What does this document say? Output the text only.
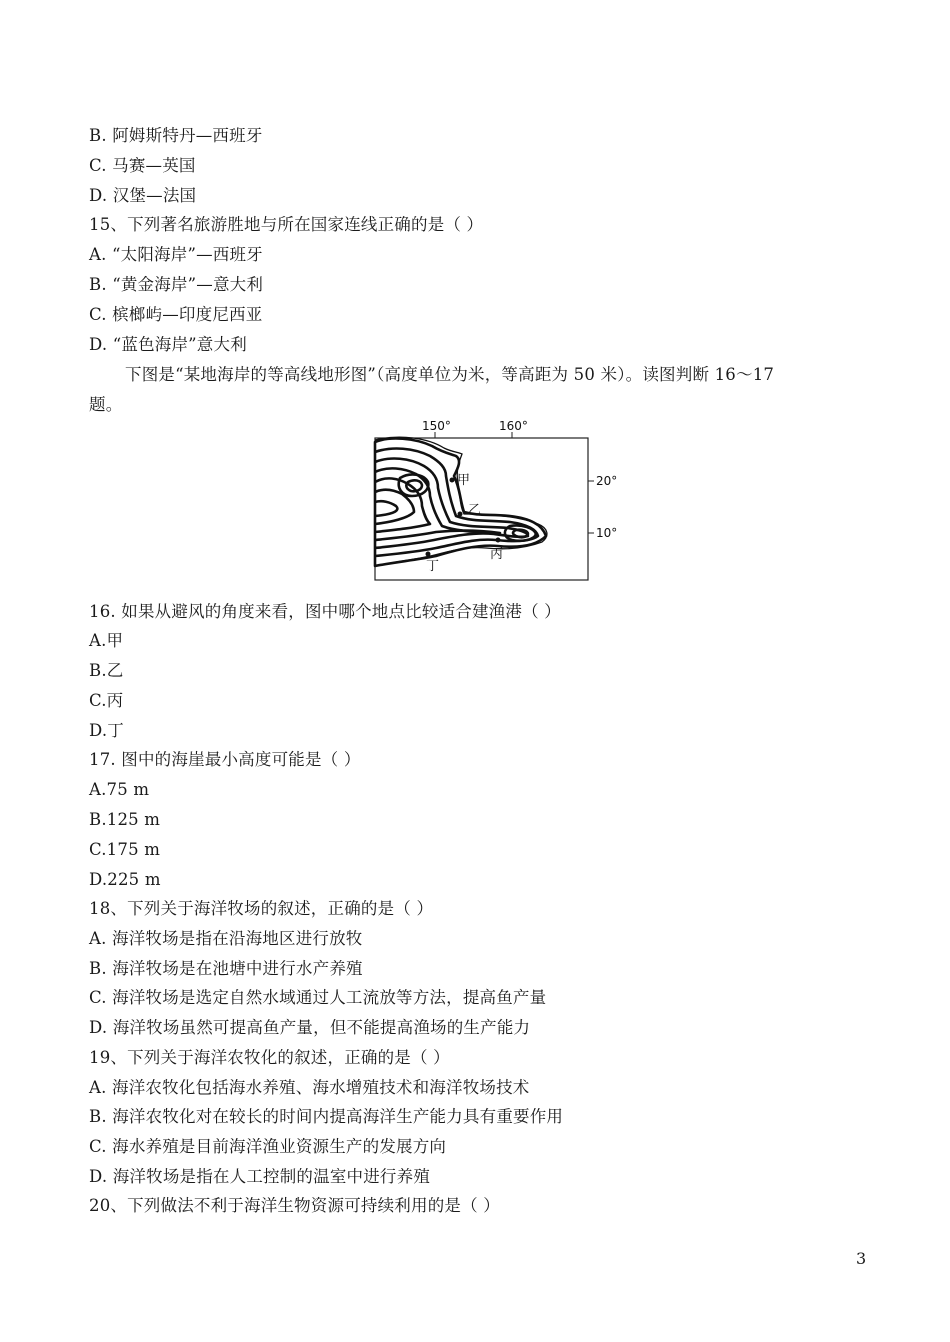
B. 阿姆斯特丹—西班牙
C. 马赛—英国
D. 汉堡—法国
15、下列著名旅游胜地与所在国家连线正确的是（ ）
A. “太阳海岸”—西班牙
B. “黄金海岸”—意大利
C. 槟榔屿—印度尼西亚
D. “蓝色海岸”意大利
下图是“某地海岸的等高线地形图”（高度单位为米，等高距为 50 米）。读图判断 16～17
题。
150°	160°
20°
10°
甲
乙
丙
丁
16. 如果从避风的角度来看，图中哪个地点比较适合建渔港（ ）
A.甲
B.乙
C.丙
D.丁
17. 图中的海崖最小高度可能是（ ）
A.75 m
B.125 m
C.175 m
D.225 m
18、下列关于海洋牧场的叙述，正确的是（ ）
A. 海洋牧场是指在沿海地区进行放牧
B. 海洋牧场是在池塘中进行水产养殖
C. 海洋牧场是选定自然水域通过人工流放等方法，提高鱼产量
D. 海洋牧场虽然可提高鱼产量，但不能提高渔场的生产能力
19、下列关于海洋农牧化的叙述，正确的是（ ）
A. 海洋农牧化包括海水养殖、海水增殖技术和海洋牧场技术
B. 海洋农牧化对在较长的时间内提高海洋生产能力具有重要作用
C. 海水养殖是目前海洋渔业资源生产的发展方向
D. 海洋牧场是指在人工控制的温室中进行养殖
20、下列做法不利于海洋生物资源可持续利用的是（ ）
3
